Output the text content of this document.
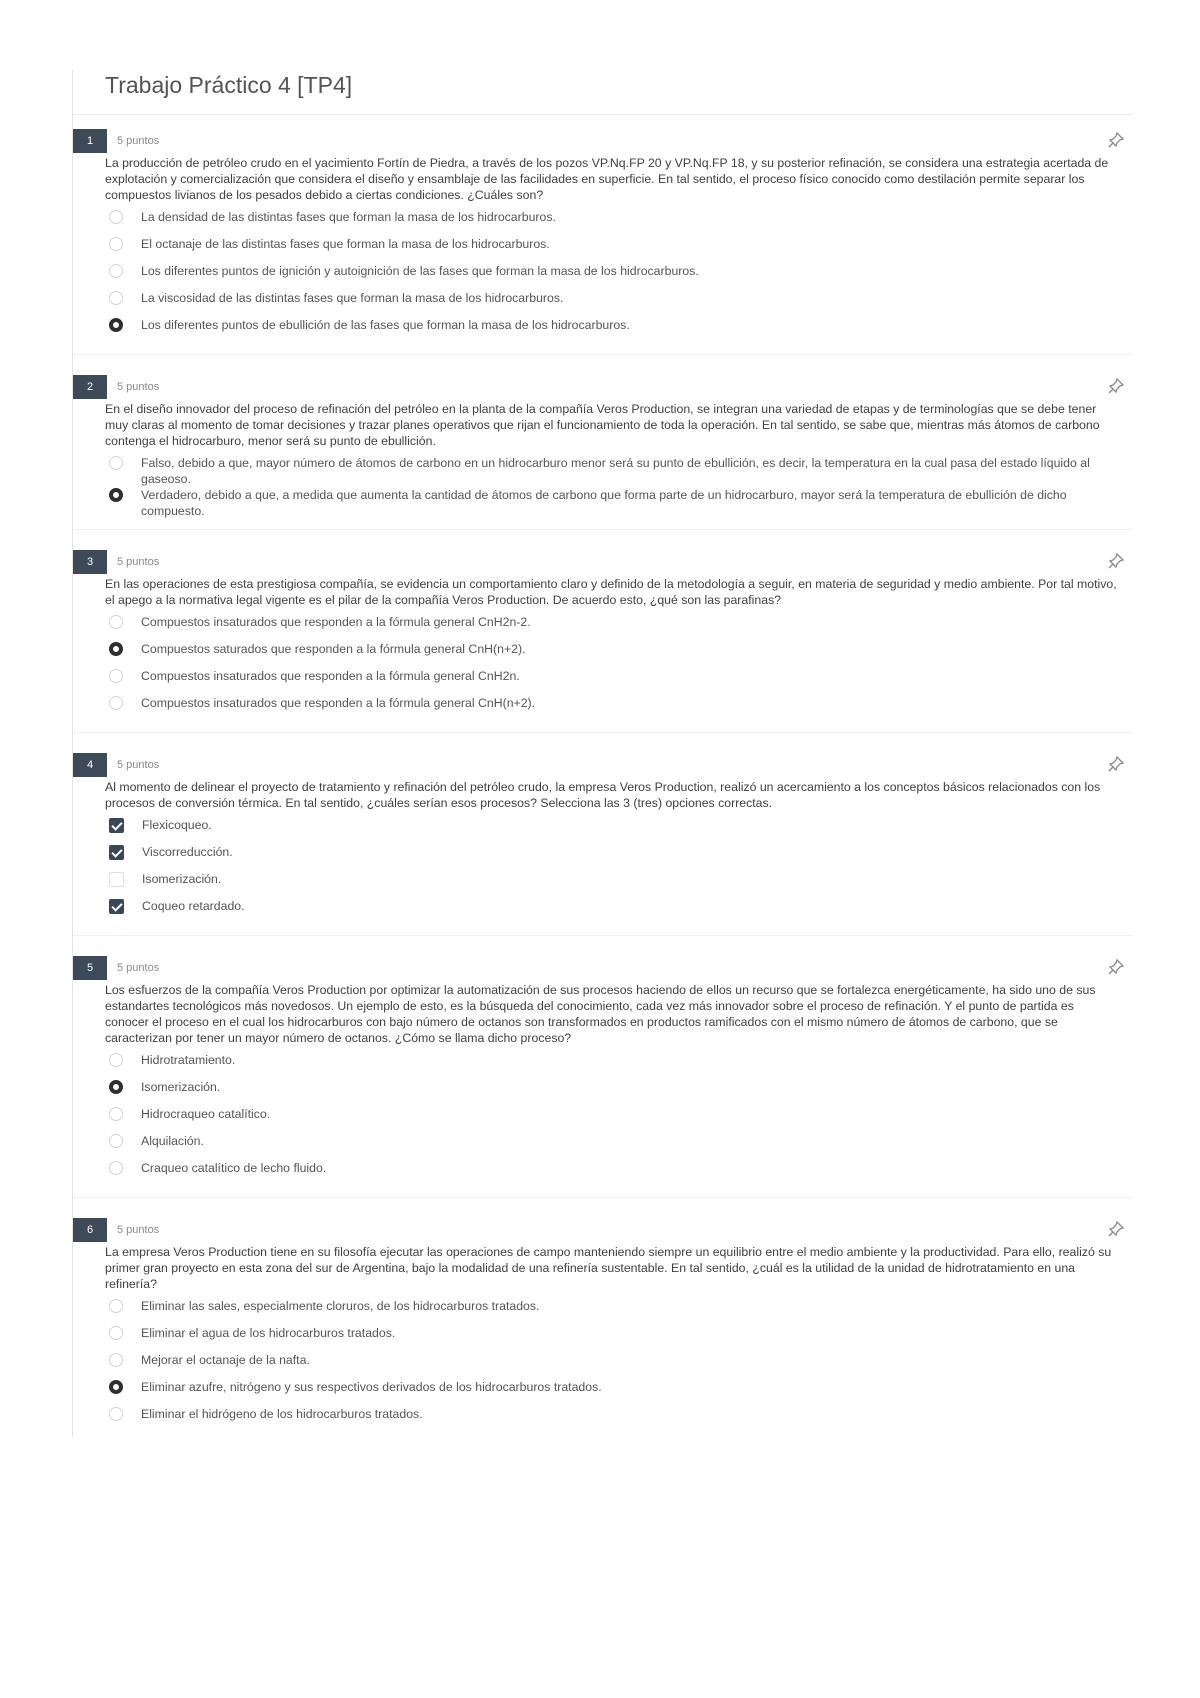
Trabajo Práctico 4 [TP4]
1	5 puntos
La producción de petróleo crudo en el yacimiento Fortín de Piedra, a través de los pozos VP.Nq.FP 20 y VP.Nq.FP 18, y su posterior refinación, se considera una estrategia acertada de explotación y comercialización que considera el diseño y ensamblaje de las facilidades en superficie. En tal sentido, el proceso físico conocido como destilación permite separar los compuestos livianos de los pesados debido a ciertas condiciones. ¿Cuáles son?
La densidad de las distintas fases que forman la masa de los hidrocarburos.
El octanaje de las distintas fases que forman la masa de los hidrocarburos.
Los diferentes puntos de ignición y autoignición de las fases que forman la masa de los hidrocarburos.
La viscosidad de las distintas fases que forman la masa de los hidrocarburos.
Los diferentes puntos de ebullición de las fases que forman la masa de los hidrocarburos.
2	5 puntos
En el diseño innovador del proceso de refinación del petróleo en la planta de la compañía Veros Production, se integran una variedad de etapas y de terminologías que se debe tener muy claras al momento de tomar decisiones y trazar planes operativos que rijan el funcionamiento de toda la operación. En tal sentido, se sabe que, mientras más átomos de carbono contenga el hidrocarburo, menor será su punto de ebullición.
Falso, debido a que, mayor número de átomos de carbono en un hidrocarburo menor será su punto de ebullición, es decir, la temperatura en la cual pasa del estado líquido al gaseoso.
Verdadero, debido a que, a medida que aumenta la cantidad de átomos de carbono que forma parte de un hidrocarburo, mayor será la temperatura de ebullición de dicho compuesto.
3	5 puntos
En las operaciones de esta prestigiosa compañía, se evidencia un comportamiento claro y definido de la metodología a seguir, en materia de seguridad y medio ambiente. Por tal motivo, el apego a la normativa legal vigente es el pilar de la compañía Veros Production. De acuerdo esto, ¿qué son las parafinas?
Compuestos insaturados que responden a la fórmula general CnH2n-2.
Compuestos saturados que responden a la fórmula general CnH(n+2).
Compuestos insaturados que responden a la fórmula general CnH2n.
Compuestos insaturados que responden a la fórmula general CnH(n+2).
4	5 puntos
Al momento de delinear el proyecto de tratamiento y refinación del petróleo crudo, la empresa Veros Production, realizó un acercamiento a los conceptos básicos relacionados con los procesos de conversión térmica. En tal sentido, ¿cuáles serían esos procesos? Selecciona las 3 (tres) opciones correctas.
Flexicoqueo.
Viscorreducción.
Isomerización.
Coqueo retardado.
5	5 puntos
Los esfuerzos de la compañía Veros Production por optimizar la automatización de sus procesos haciendo de ellos un recurso que se fortalezca energéticamente, ha sido uno de sus estandartes tecnológicos más novedosos. Un ejemplo de esto, es la búsqueda del conocimiento, cada vez más innovador sobre el proceso de refinación. Y el punto de partida es conocer el proceso en el cual los hidrocarburos con bajo número de octanos son transformados en productos ramificados con el mismo número de átomos de carbono, que se caracterizan por tener un mayor número de octanos. ¿Cómo se llama dicho proceso?
Hidrotratamiento.
Isomerización.
Hidrocraqueo catalítico.
Alquilación.
Craqueo catalítico de lecho fluido.
6	5 puntos
La empresa Veros Production tiene en su filosofía ejecutar las operaciones de campo manteniendo siempre un equilibrio entre el medio ambiente y la productividad. Para ello, realizó su primer gran proyecto en esta zona del sur de Argentina, bajo la modalidad de una refinería sustentable. En tal sentido, ¿cuál es la utilidad de la unidad de hidrotratamiento en una refinería?
Eliminar las sales, especialmente cloruros, de los hidrocarburos tratados.
Eliminar el agua de los hidrocarburos tratados.
Mejorar el octanaje de la nafta.
Eliminar azufre, nitrógeno y sus respectivos derivados de los hidrocarburos tratados.
Eliminar el hidrógeno de los hidrocarburos tratados.
